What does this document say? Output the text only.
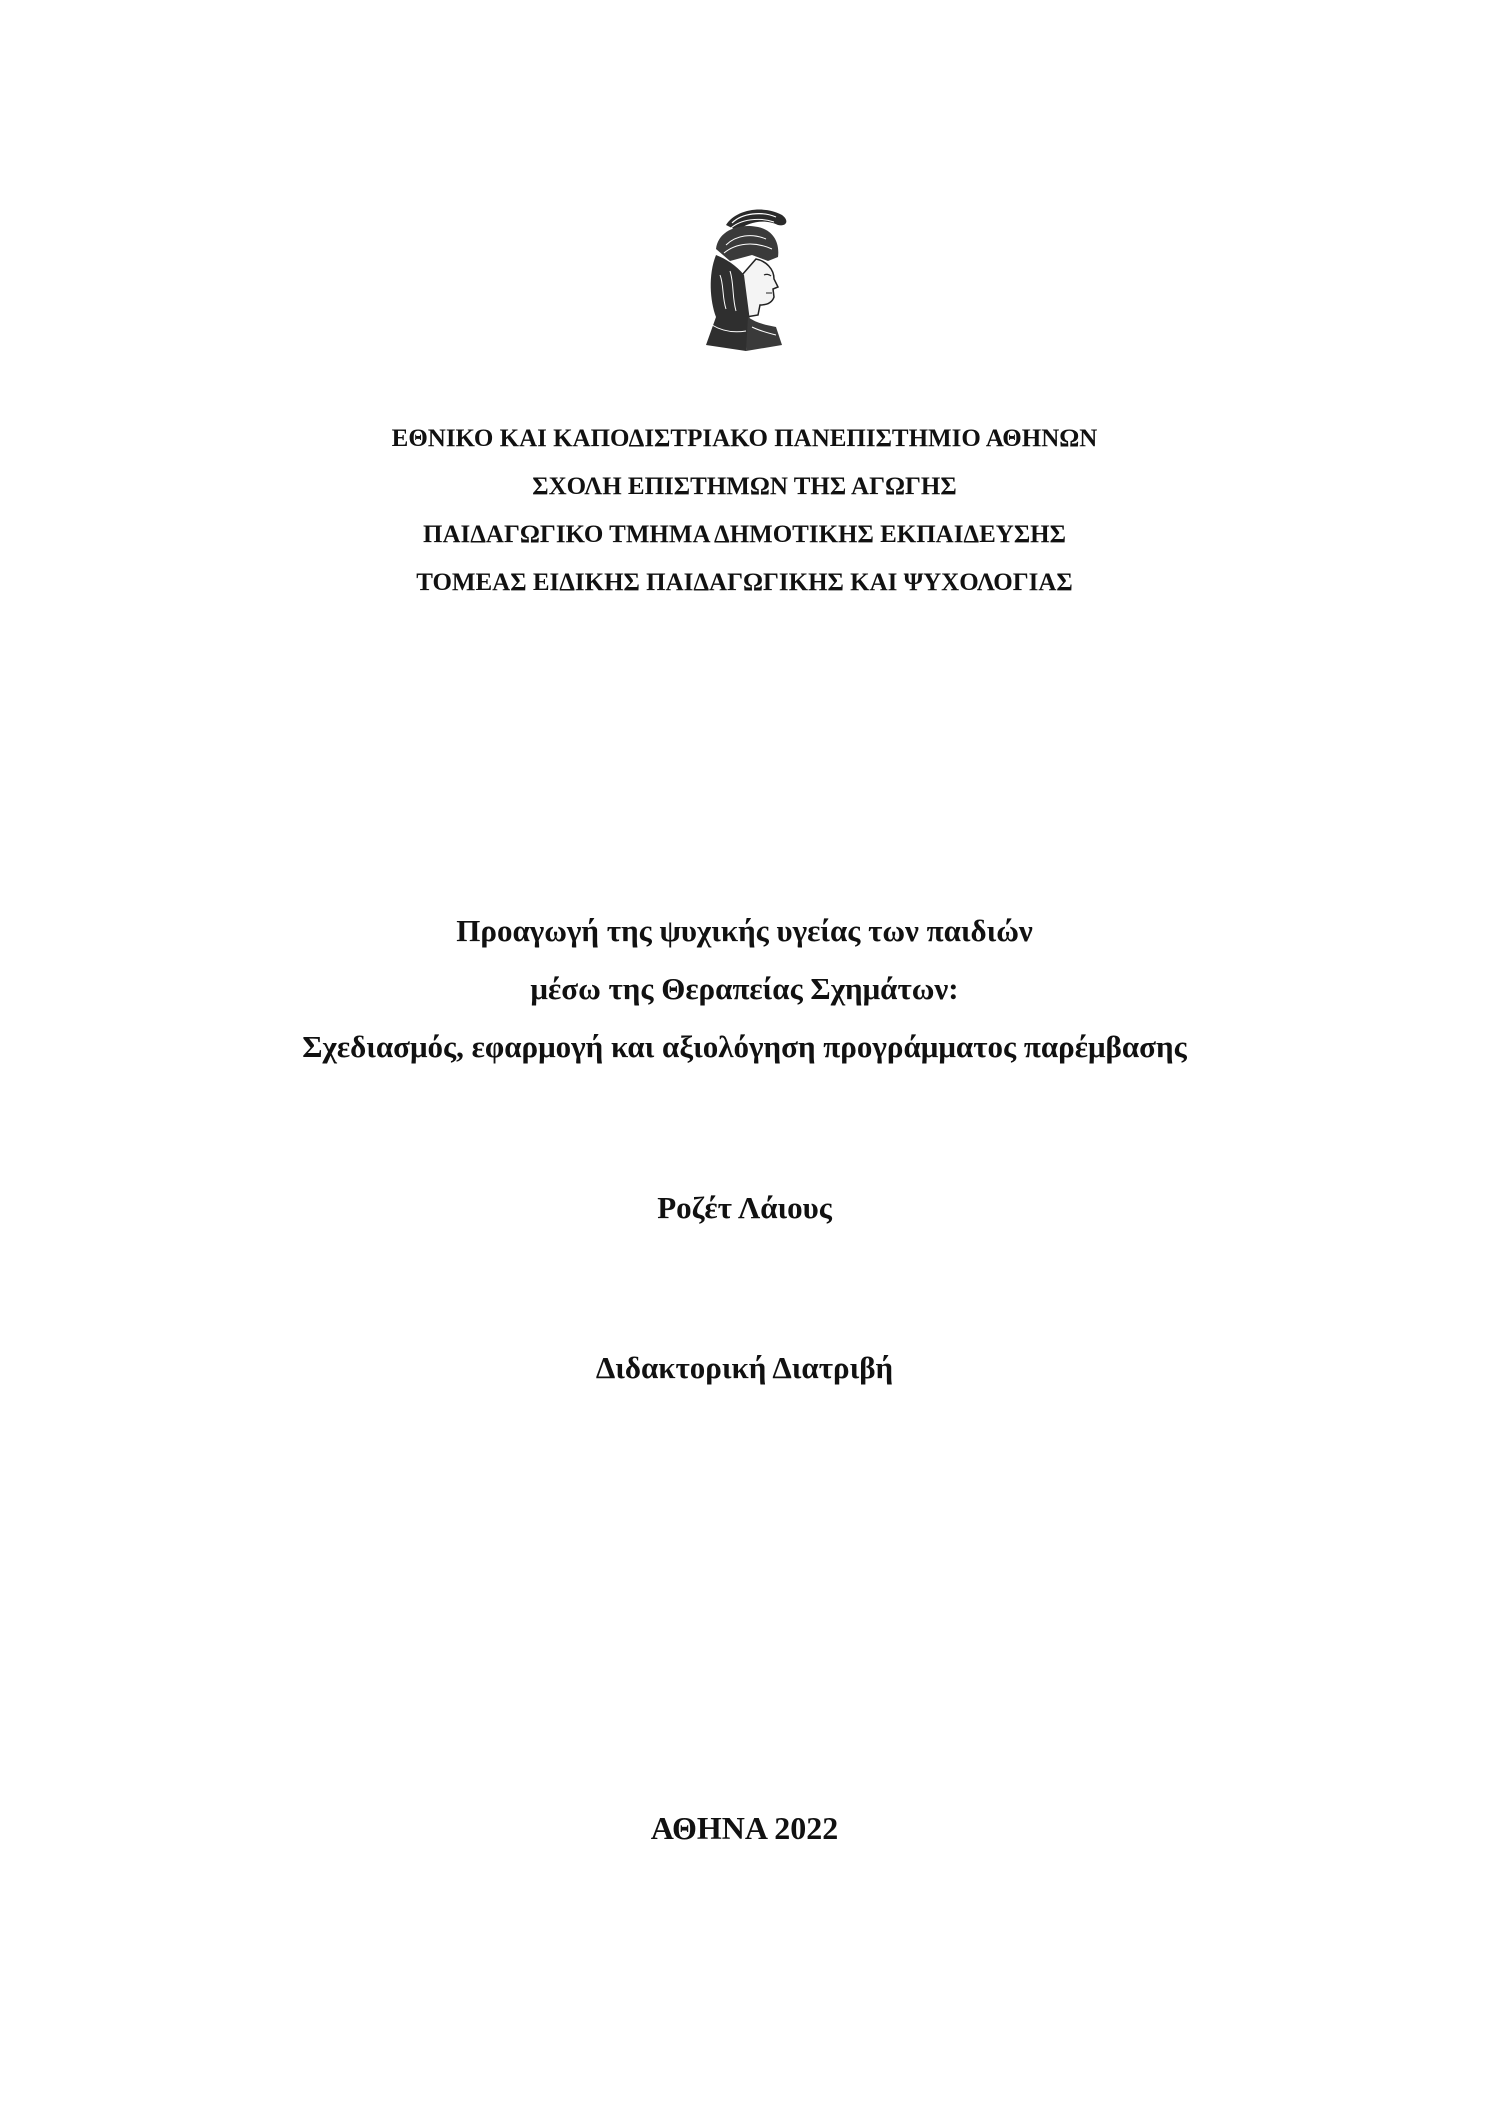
ΕΘΝΙΚΟ ΚΑΙ ΚΑΠΟΔΙΣΤΡΙΑΚΟ ΠΑΝΕΠΙΣΤΗΜΙΟ ΑΘΗΝΩΝ
ΣΧΟΛΗ ΕΠΙΣΤΗΜΩΝ ΤΗΣ ΑΓΩΓΗΣ
ΠΑΙΔΑΓΩΓΙΚΟ ΤΜΗΜΑ ΔΗΜΟΤΙΚΗΣ ΕΚΠΑΙΔΕΥΣΗΣ
ΤΟΜΕΑΣ ΕΙΔΙΚΗΣ ΠΑΙΔΑΓΩΓΙΚΗΣ ΚΑΙ ΨΥΧΟΛΟΓΙΑΣ
Προαγωγή της ψυχικής υγείας των παιδιών
μέσω της Θεραπείας Σχημάτων:
Σχεδιασμός, εφαρμογή και αξιολόγηση προγράμματος παρέμβασης
Ροζέτ Λάιους
Διδακτορική Διατριβή
ΑΘΗΝΑ 2022
